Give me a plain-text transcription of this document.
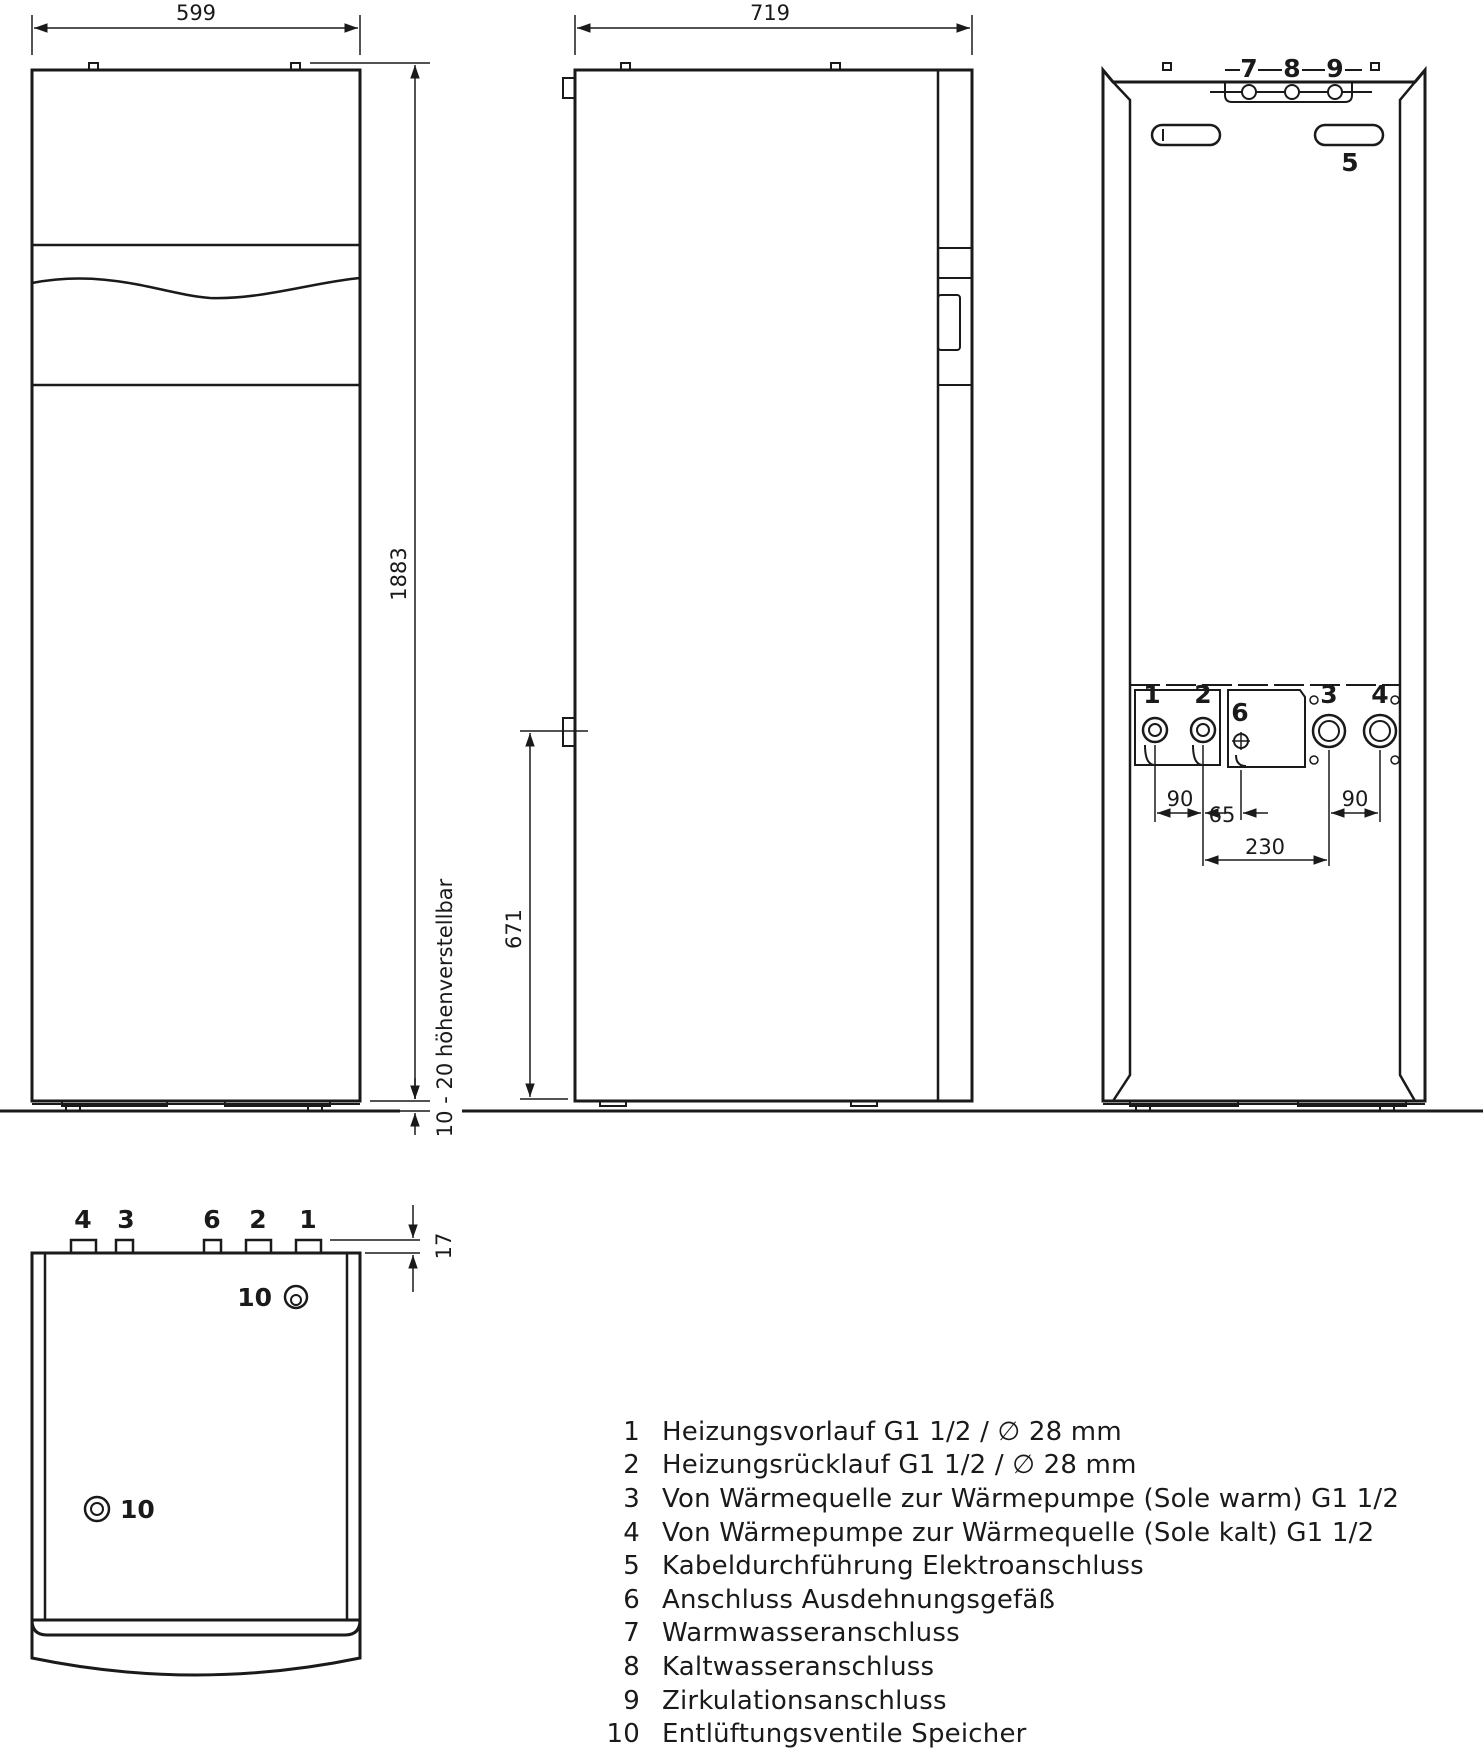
599
1883
10 - 20
höhenverstellbar
719
671
7 8 9
5
1 2
6
3 4
90
65
230
90
4 3	6 2 1
10
10
17
1 Heizungsvorlauf G1 1/2 / ∅ 28 mm
2 Heizungsrücklauf G1 1/2 / ∅ 28 mm
3 Von Wärmequelle zur Wärmepumpe (Sole warm) G1 1/2
4 Von Wärmepumpe zur Wärmequelle (Sole kalt) G1 1/2
5 Kabeldurchführung Elektroanschluss
6 Anschluss Ausdehnungsgefäß
7 Warmwasseranschluss
8 Kaltwasseranschluss
9 Zirkulationsanschluss
10 Entlüftungsventile Speicher
